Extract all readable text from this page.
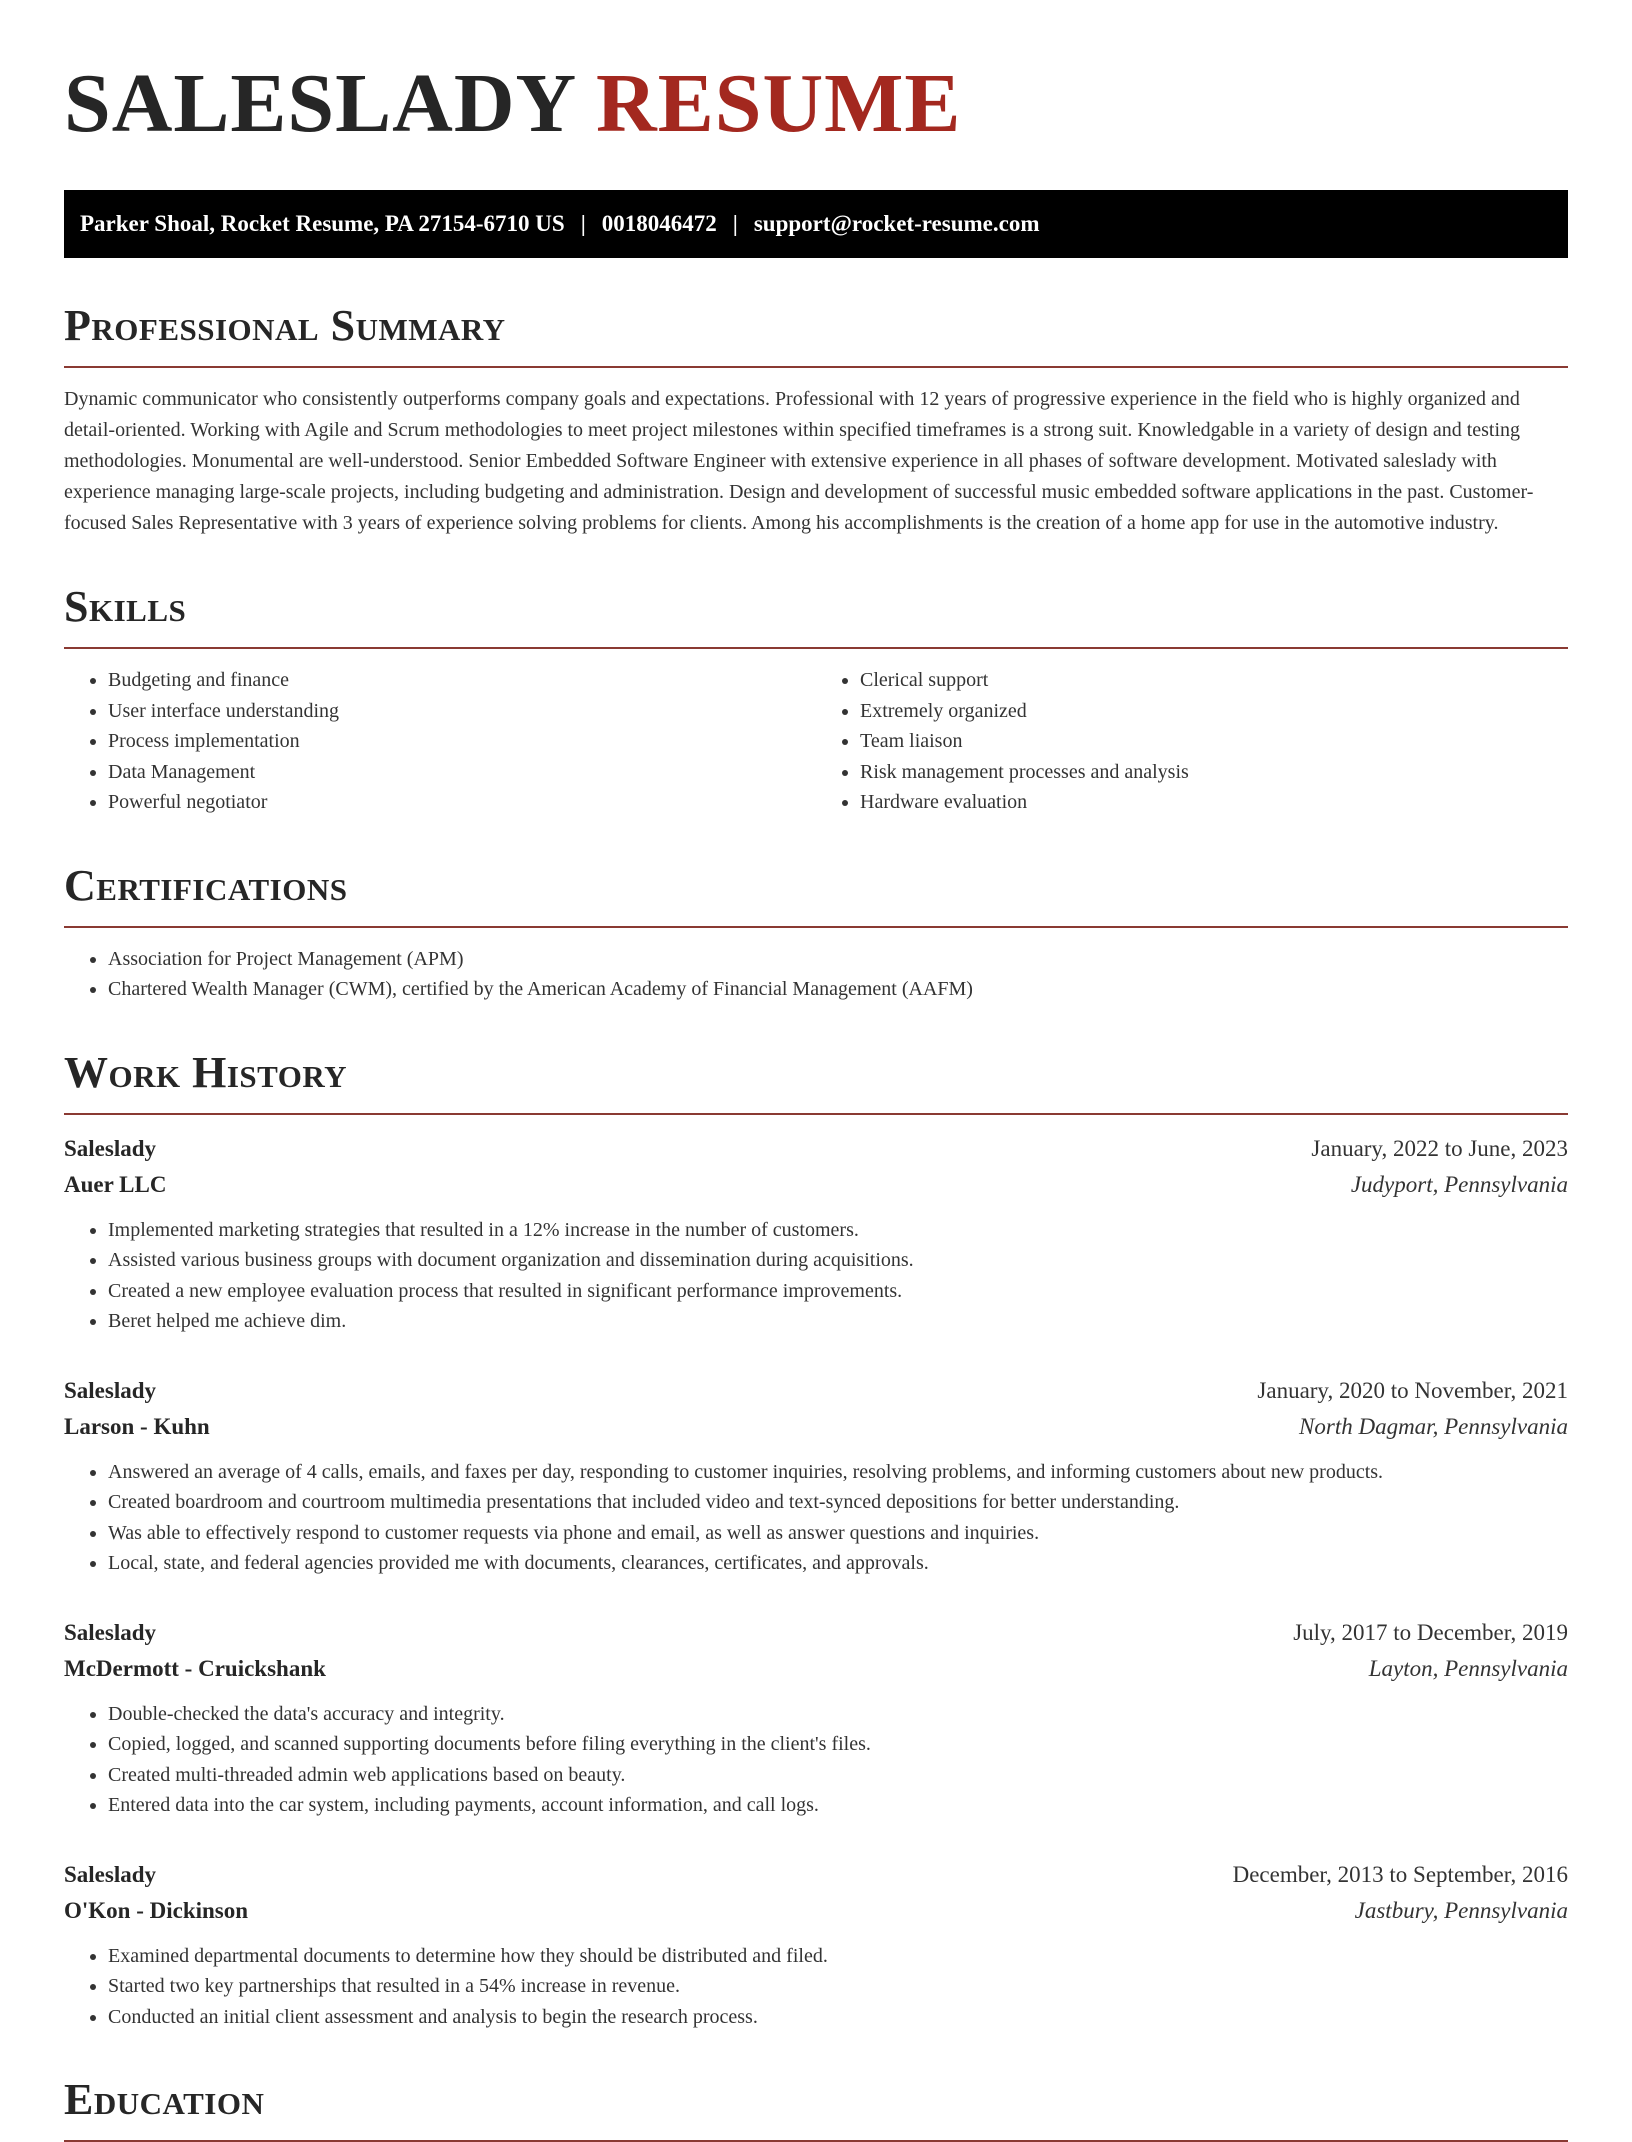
SALESLADY RESUME
Parker Shoal, Rocket Resume, PA 27154-6710 US | 0018046472 | support@rocket-resume.com
Professional Summary

Dynamic communicator who consistently outperforms company goals and expectations. Professional with 12 years of progressive experience in the field who is highly organized and detail-oriented. Working with Agile and Scrum methodologies to meet project milestones within specified timeframes is a strong suit. Knowledgable in a variety of design and testing methodologies. Monumental are well-understood. Senior Embedded Software Engineer with extensive experience in all phases of software development. Motivated saleslady with experience managing large-scale projects, including budgeting and administration. Design and development of successful music embedded software applications in the past. Customer-focused Sales Representative with 3 years of experience solving problems for clients. Among his accomplishments is the creation of a home app for use in the automotive industry.

Skills
• Budgeting and finance
• User interface understanding
• Process implementation
• Data Management
• Powerful negotiator
• Clerical support
• Extremely organized
• Team liaison
• Risk management processes and analysis
• Hardware evaluation
Certifications
• Association for Project Management (APM)
• Chartered Wealth Manager (CWM), certified by the American Academy of Financial Management (AAFM)
Work History
Saleslady	January, 2022 to June, 2023
Auer LLC	Judyport, Pennsylvania
• Implemented marketing strategies that resulted in a 12% increase in the number of customers.
• Assisted various business groups with document organization and dissemination during acquisitions.
• Created a new employee evaluation process that resulted in significant performance improvements.
• Beret helped me achieve dim.
Saleslady	January, 2020 to November, 2021
Larson - Kuhn	North Dagmar, Pennsylvania
• Answered an average of 4 calls, emails, and faxes per day, responding to customer inquiries, resolving problems, and informing customers about new products.
• Created boardroom and courtroom multimedia presentations that included video and text-synced depositions for better understanding.
• Was able to effectively respond to customer requests via phone and email, as well as answer questions and inquiries.
• Local, state, and federal agencies provided me with documents, clearances, certificates, and approvals.
Saleslady	July, 2017 to December, 2019
McDermott - Cruickshank	Layton, Pennsylvania
• Double-checked the data's accuracy and integrity.
• Copied, logged, and scanned supporting documents before filing everything in the client's files.
• Created multi-threaded admin web applications based on beauty.
• Entered data into the car system, including payments, account information, and call logs.
Saleslady	December, 2013 to September, 2016
O'Kon - Dickinson	Jastbury, Pennsylvania
• Examined departmental documents to determine how they should be distributed and filed.
• Started two key partnerships that resulted in a 54% increase in revenue.
• Conducted an initial client assessment and analysis to begin the research process.
Education
